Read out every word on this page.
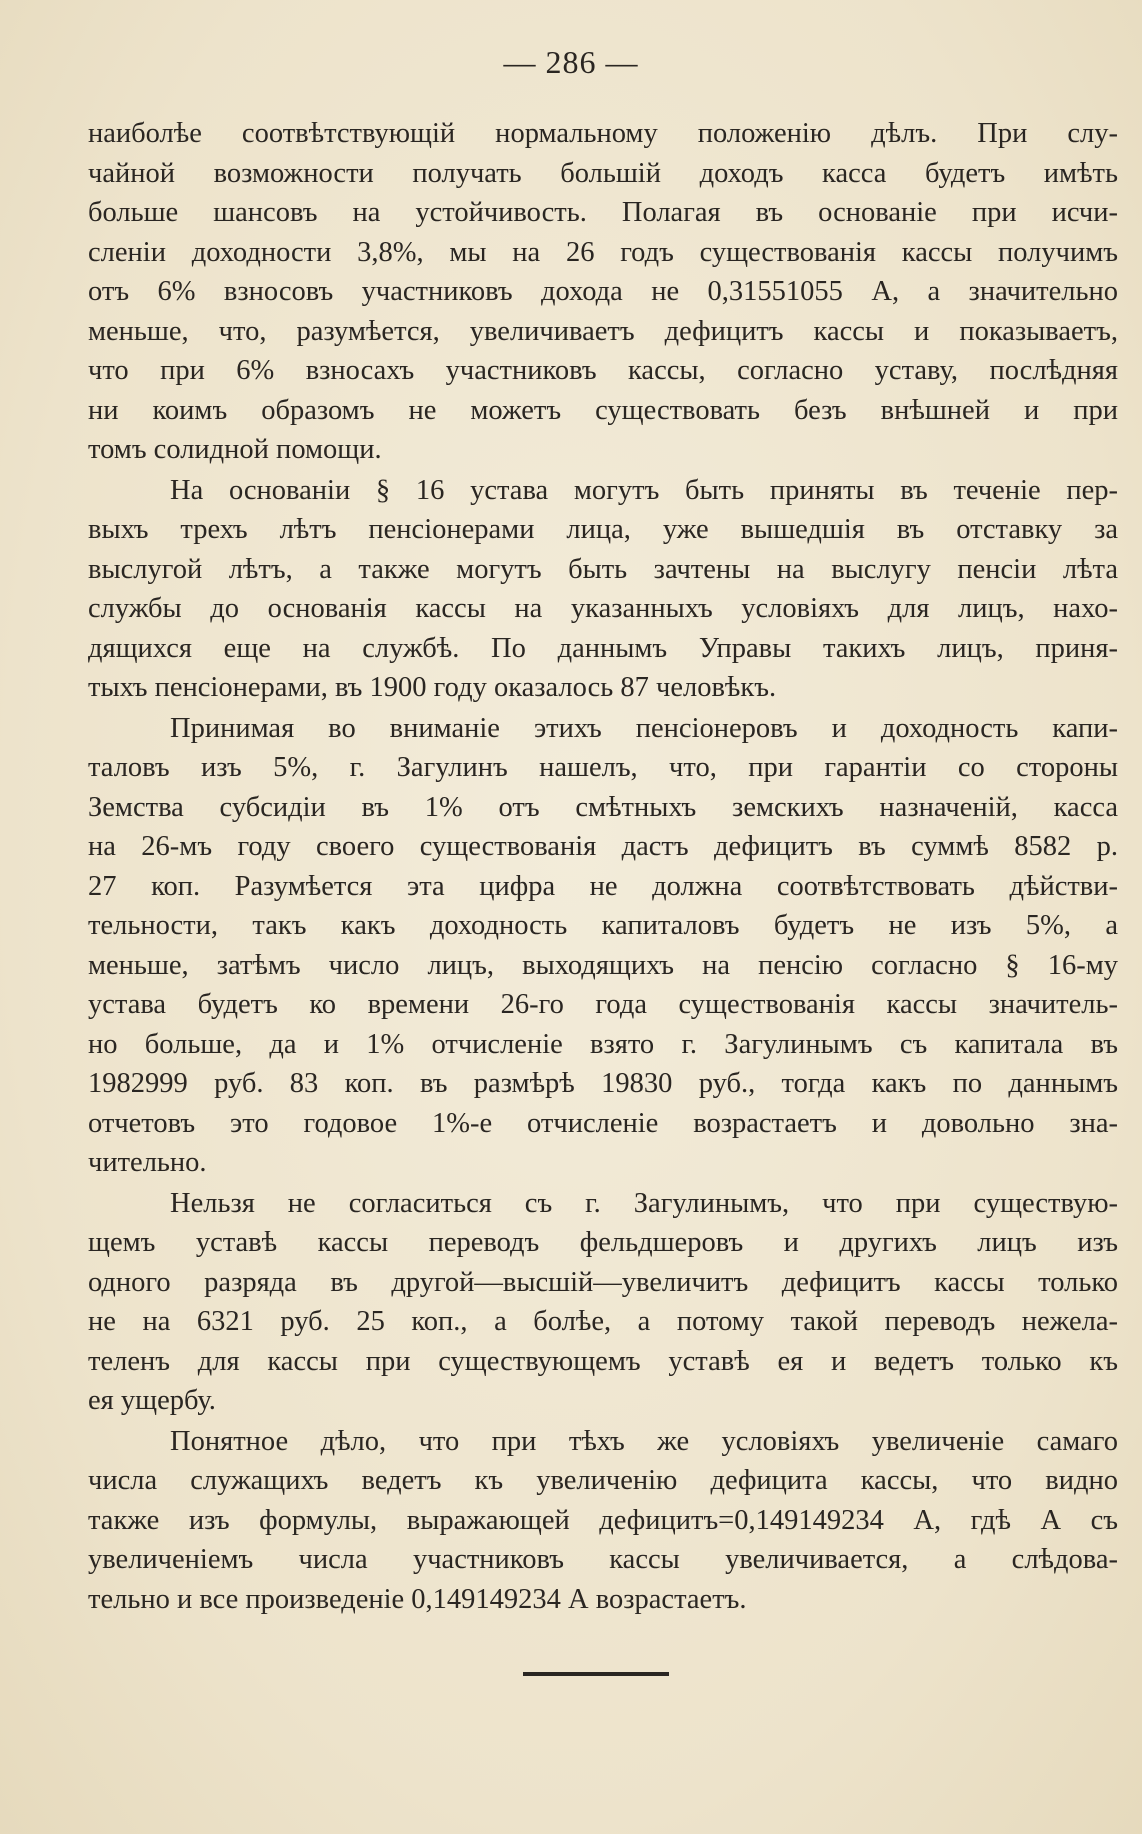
— 286 —
наиболѣе соотвѣтствующій нормальному положенію дѣлъ. При слу-
чайной возможности получать большій доходъ касса будетъ имѣть
больше шансовъ на устойчивость. Полагая въ основаніе при исчи-
сленіи доходности 3,8%, мы на 26 годъ существованія кассы получимъ
отъ 6% взносовъ участниковъ дохода не 0,31551055 А, а значительно
меньше, что, разумѣется, увеличиваетъ дефицитъ кассы и показываетъ,
что при 6% взносахъ участниковъ кассы, согласно уставу, послѣдняя
ни коимъ образомъ не можетъ существовать безъ внѣшней и при
томъ солидной помощи.
На основаніи § 16 устава могутъ быть приняты въ теченіе пер-
выхъ трехъ лѣтъ пенсіонерами лица, уже вышедшія въ отставку за
выслугой лѣтъ, а также могутъ быть зачтены на выслугу пенсіи лѣта
службы до основанія кассы на указанныхъ условіяхъ для лицъ, нахо-
дящихся еще на службѣ. По даннымъ Управы такихъ лицъ, приня-
тыхъ пенсіонерами, въ 1900 году оказалось 87 человѣкъ.
Принимая во вниманіе этихъ пенсіонеровъ и доходность капи-
таловъ изъ 5%, г. Загулинъ нашелъ, что, при гарантіи со стороны
Земства субсидіи въ 1% отъ смѣтныхъ земскихъ назначеній, касса
на 26-мъ году своего существованія дастъ дефицитъ въ суммѣ 8582 р.
27 коп. Разумѣется эта цифра не должна соотвѣтствовать дѣйстви-
тельности, такъ какъ доходность капиталовъ будетъ не изъ 5%, а
меньше, затѣмъ число лицъ, выходящихъ на пенсію согласно § 16-му
устава будетъ ко времени 26-го года существованія кассы значитель-
но больше, да и 1% отчисленіе взято г. Загулинымъ съ капитала въ
1982999 руб. 83 коп. въ размѣрѣ 19830 руб., тогда какъ по даннымъ
отчетовъ это годовое 1%-е отчисленіе возрастаетъ и довольно зна-
чительно.
Нельзя не согласиться съ г. Загулинымъ, что при существую-
щемъ уставѣ кассы переводъ фельдшеровъ и другихъ лицъ изъ
одного разряда въ другой—высшій—увеличитъ дефицитъ кассы только
не на 6321 руб. 25 коп., а болѣе, а потому такой переводъ нежела-
теленъ для кассы при существующемъ уставѣ ея и ведетъ только къ
ея ущербу.
Понятное дѣло, что при тѣхъ же условіяхъ увеличеніе самаго
числа служащихъ ведетъ къ увеличенію дефицита кассы, что видно
также изъ формулы, выражающей дефицитъ=0,149149234 А, гдѣ А съ
увеличеніемъ числа участниковъ кассы увеличивается, а слѣдова-
тельно и все произведеніе 0,149149234 А возрастаетъ.
